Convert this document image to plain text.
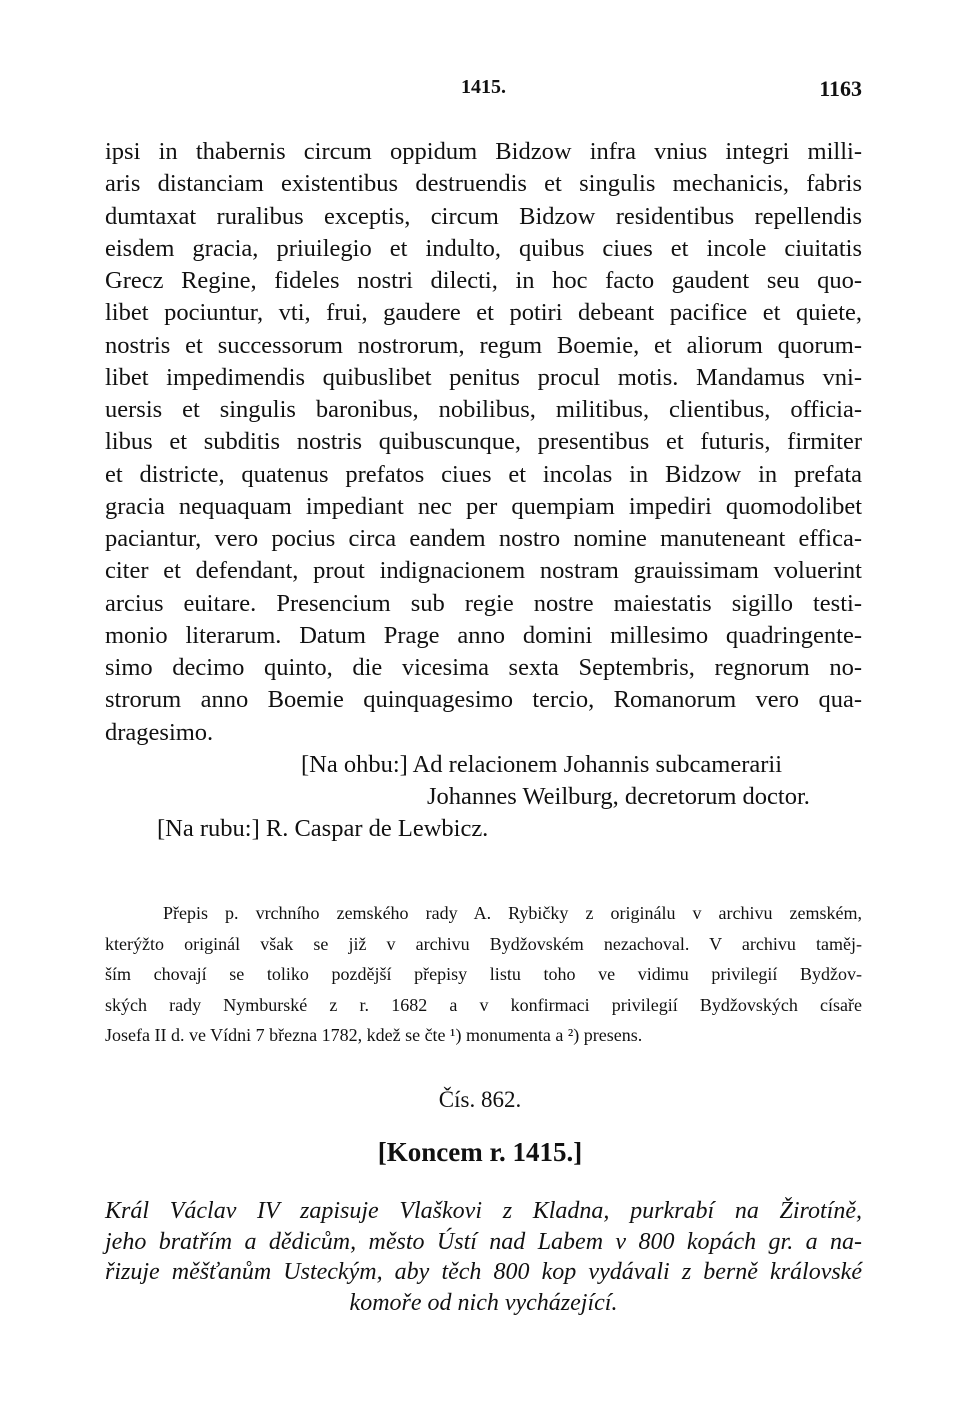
1415.	1163
ipsi in thabernis circum oppidum Bidzow infra vnius integri milli-
aris distanciam existentibus destruendis et singulis mechanicis, fabris
dumtaxat ruralibus exceptis, circum Bidzow residentibus repellendis
eisdem gracia, priuilegio et indulto, quibus ciues et incole ciuitatis
Grecz Regine, fideles nostri dilecti, in hoc facto gaudent seu quo-
libet pociuntur, vti, frui, gaudere et potiri debeant pacifice et quiete,
nostris et successorum nostrorum, regum Boemie, et aliorum quorum-
libet impedimendis quibuslibet penitus procul motis. Mandamus vni-
uersis et singulis baronibus, nobilibus, militibus, clientibus, officia-
libus et subditis nostris quibuscunque, presentibus et futuris, firmiter
et districte, quatenus prefatos ciues et incolas in Bidzow in prefata
gracia nequaquam impediant nec per quempiam impediri quomodolibet
paciantur, vero pocius circa eandem nostro nomine manuteneant effica-
citer et defendant, prout indignacionem nostram grauissimam voluerint
arcius euitare. Presencium sub regie nostre maiestatis sigillo testi-
monio literarum. Datum Prage anno domini millesimo quadringente-
simo decimo quinto, die vicesima sexta Septembris, regnorum no-
strorum anno Boemie quinquagesimo tercio, Romanorum vero qua-
dragesimo.
[Na ohbu:] Ad relacionem Johannis subcamerarii
Johannes Weilburg, decretorum doctor.
[Na rubu:] R. Caspar de Lewbicz.
Přepis p. vrchního zemského rady A. Rybičky z originálu v archivu zemském,
kterýžto originál však se již v archivu Bydžovském nezachoval. V archivu taměj-
ším chovají se toliko pozdější přepisy listu toho ve vidimu privilegií Bydžov-
ských rady Nymburské z r. 1682 a v konfirmaci privilegií Bydžovských císaře
Josefa II d. ve Vídni 7 března 1782, kdež se čte ¹) monumenta a ²) presens.
Čís. 862.
[Koncem r. 1415.]
Král Václav IV zapisuje Vlaškovi z Kladna, purkrabí na Žirotíně,
jeho bratřím a dědicům, město Ústí nad Labem v 800 kopách gr. a na-
řizuje měšťanům Usteckým, aby těch 800 kop vydávali z berně královské
komoře od nich vycházející.
